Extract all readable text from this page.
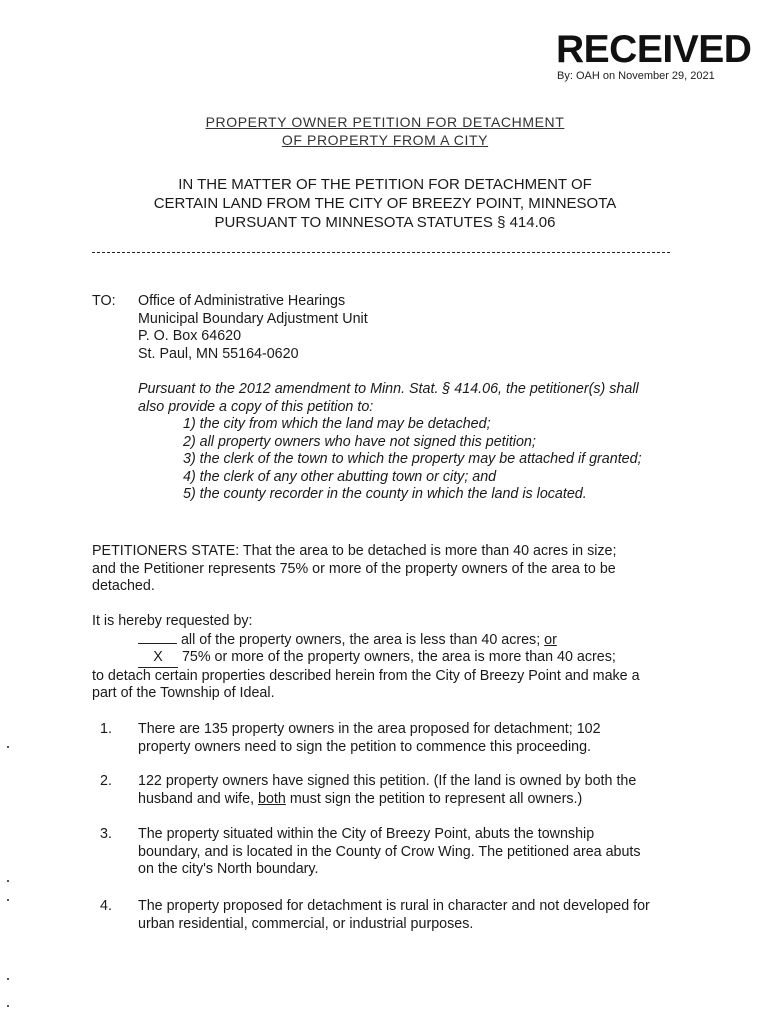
RECEIVED
By: OAH on November 29, 2021
PROPERTY OWNER PETITION FOR DETACHMENT
OF PROPERTY FROM A CITY
IN THE MATTER OF THE PETITION FOR DETACHMENT OF
CERTAIN LAND FROM THE CITY OF BREEZY POINT, MINNESOTA
PURSUANT TO MINNESOTA STATUTES § 414.06
TO: Office of Administrative Hearings
Municipal Boundary Adjustment Unit
P. O. Box 64620
St. Paul, MN 55164-0620
Pursuant to the 2012 amendment to Minn. Stat. § 414.06, the petitioner(s) shall
also provide a copy of this petition to:
1) the city from which the land may be detached;
2) all property owners who have not signed this petition;
3) the clerk of the town to which the property may be attached if granted;
4) the clerk of any other abutting town or city; and
5) the county recorder in the county in which the land is located.
PETITIONERS STATE: That the area to be detached is more than 40 acres in size;
and the Petitioner represents 75% or more of the property owners of the area to be
detached.
It is hereby requested by:
all of the property owners, the area is less than 40 acres; or
X 75% or more of the property owners, the area is more than 40 acres;
to detach certain properties described herein from the City of Breezy Point and make a
part of the Township of Ideal.
1. There are 135 property owners in the area proposed for detachment; 102
property owners need to sign the petition to commence this proceeding.
2. 122 property owners have signed this petition. (If the land is owned by both the
husband and wife, both must sign the petition to represent all owners.)
3. The property situated within the City of Breezy Point, abuts the township
boundary, and is located in the County of Crow Wing. The petitioned area abuts
on the city's North boundary.
4. The property proposed for detachment is rural in character and not developed for
urban residential, commercial, or industrial purposes.
